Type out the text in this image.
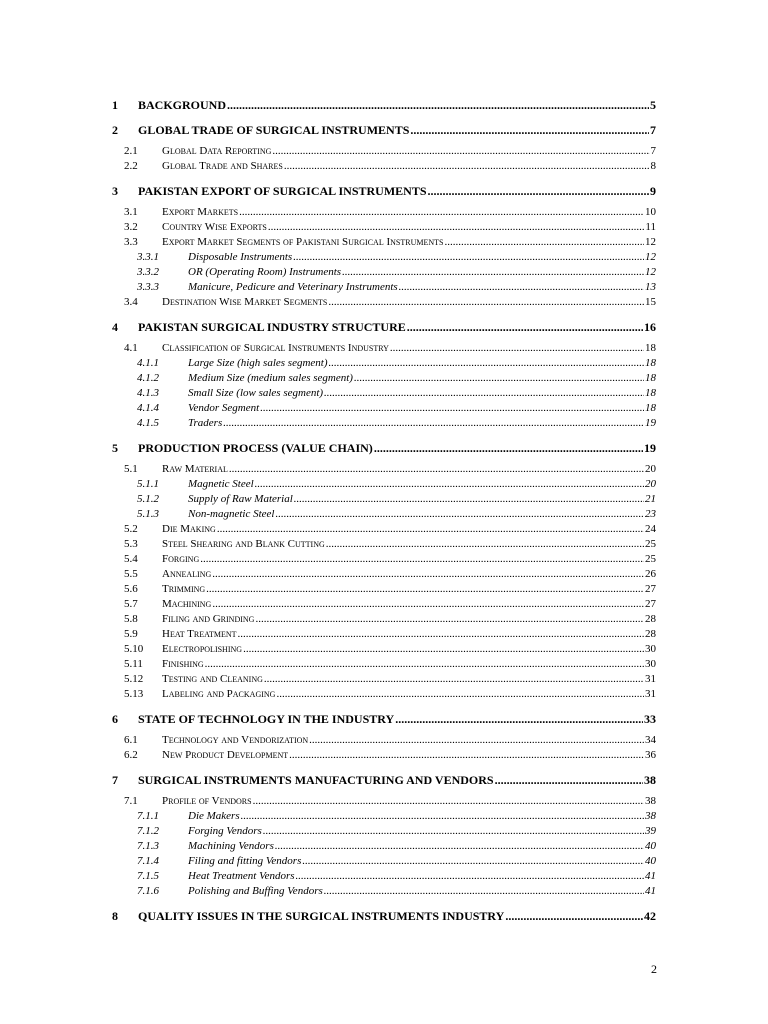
1	BACKGROUND .....	5
2	GLOBAL TRADE OF SURGICAL INSTRUMENTS .....	7
2.1	Global Data Reporting .....	7
2.2	Global Trade and Shares .....	8
3	PAKISTAN EXPORT OF SURGICAL INSTRUMENTS .....	9
3.1	Export Markets .....	10
3.2	Country Wise Exports .....	11
3.3	Export Market Segments of Pakistani Surgical Instruments .....	12
3.3.1	Disposable Instruments .....	12
3.3.2	OR (Operating Room) Instruments .....	12
3.3.3	Manicure, Pedicure and Veterinary Instruments .....	13
3.4	Destination Wise Market Segments .....	15
4	PAKISTAN SURGICAL INDUSTRY STRUCTURE .....	16
4.1	Classification of Surgical Instruments Industry .....	18
4.1.1	Large Size (high sales segment) .....	18
4.1.2	Medium Size (medium sales segment) .....	18
4.1.3	Small Size (low sales segment) .....	18
4.1.4	Vendor Segment .....	18
4.1.5	Traders .....	19
5	PRODUCTION PROCESS (VALUE CHAIN) .....	19
5.1	Raw Material .....	20
5.1.1	Magnetic Steel .....	20
5.1.2	Supply of Raw Material .....	21
5.1.3	Non-magnetic Steel .....	23
5.2	Die Making .....	24
5.3	Steel Shearing and Blank Cutting .....	25
5.4	Forging .....	25
5.5	Annealing .....	26
5.6	Trimming .....	27
5.7	Machining .....	27
5.8	Filing and Grinding .....	28
5.9	Heat Treatment .....	28
5.10	Electropolishing .....	30
5.11	Finishing .....	30
5.12	Testing and Cleaning .....	31
5.13	Labeling and Packaging .....	31
6	STATE OF TECHNOLOGY IN THE INDUSTRY .....	33
6.1	Technology and Vendorization .....	34
6.2	New Product Development .....	36
7	SURGICAL INSTRUMENTS MANUFACTURING AND VENDORS .....	38
7.1	Profile of Vendors .....	38
7.1.1	Die Makers .....	38
7.1.2	Forging Vendors .....	39
7.1.3	Machining Vendors .....	40
7.1.4	Filing and fitting Vendors .....	40
7.1.5	Heat Treatment Vendors .....	41
7.1.6	Polishing and Buffing Vendors .....	41
8	QUALITY ISSUES IN THE SURGICAL INSTRUMENTS INDUSTRY .....	42
2
